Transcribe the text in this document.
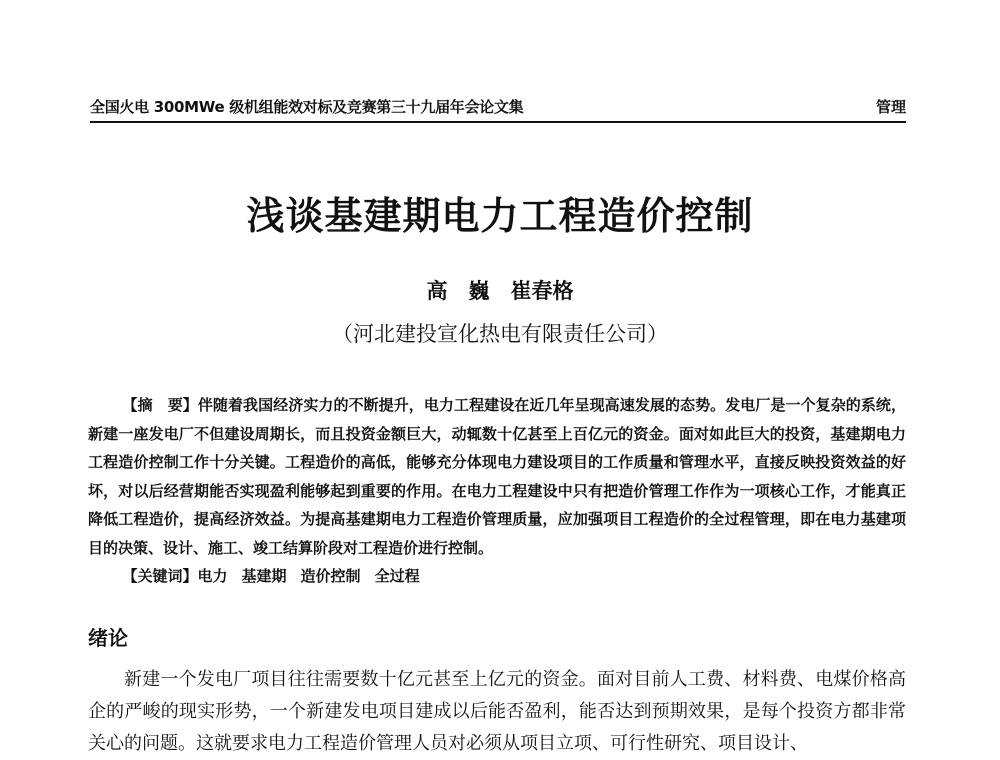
全国火电 300MWe 级机组能效对标及竞赛第三十九届年会论文集	管理
浅谈基建期电力工程造价控制
高　巍　崔春格
（河北建投宣化热电有限责任公司）
【摘　要】伴随着我国经济实力的不断提升，电力工程建设在近几年呈现高速发展的态势。发电厂是一个复杂的系统，新建一座发电厂不但建设周期长，而且投资金额巨大，动辄数十亿甚至上百亿元的资金。面对如此巨大的投资，基建期电力工程造价控制工作十分关键。工程造价的高低，能够充分体现电力建设项目的工作质量和管理水平，直接反映投资效益的好坏，对以后经营期能否实现盈利能够起到重要的作用。在电力工程建设中只有把造价管理工作作为一项核心工作，才能真正降低工程造价，提高经济效益。为提高基建期电力工程造价管理质量，应加强项目工程造价的全过程管理，即在电力基建项目的决策、设计、施工、竣工结算阶段对工程造价进行控制。
【关键词】电力 基建期 造价控制 全过程
绪论
新建一个发电厂项目往往需要数十亿元甚至上亿元的资金。面对目前人工费、材料费、电煤价格高企的严峻的现实形势，一个新建发电项目建成以后能否盈利，能否达到预期效果，是每个投资方都非常关心的问题。这就要求电力工程造价管理人员对必须从项目立项、可行性研究、项目设计、
